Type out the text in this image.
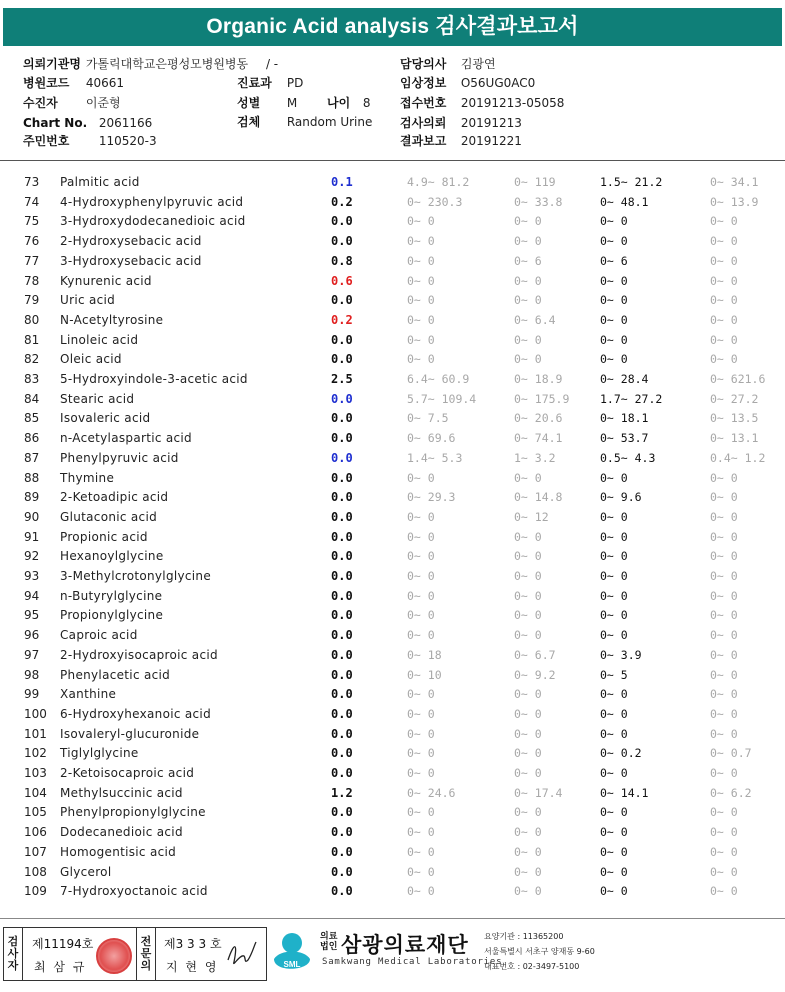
Organic Acid analysis 검사결과보고서
의뢰기관명 가톨릭대학교은평성모병원병동 / -
병원코드 40661	진료과 PD
수진자 이준형	성별 M 나이 8
Chart No. 2061166	검체 Random Urine
주민번호 110520-3
담당의사 김광연
임상정보 O56UG0AC0
접수번호 20191213-05058
검사의뢰 20191213
결과보고 20191221
73	Palmitic acid	0.1	4.9~ 81.2	0~ 119	1.5~ 21.2	0~ 34.1
74	4-Hydroxyphenylpyruvic acid	0.2	0~ 230.3	0~ 33.8	0~ 48.1	0~ 13.9
75	3-Hydroxydodecanedioic acid	0.0	0~ 0	0~ 0	0~ 0	0~ 0
76	2-Hydroxysebacic acid	0.0	0~ 0	0~ 0	0~ 0	0~ 0
77	3-Hydroxysebacic acid	0.8	0~ 0	0~ 6	0~ 6	0~ 0
78	Kynurenic acid	0.6	0~ 0	0~ 0	0~ 0	0~ 0
79	Uric acid	0.0	0~ 0	0~ 0	0~ 0	0~ 0
80	N-Acetyltyrosine	0.2	0~ 0	0~ 6.4	0~ 0	0~ 0
81	Linoleic acid	0.0	0~ 0	0~ 0	0~ 0	0~ 0
82	Oleic acid	0.0	0~ 0	0~ 0	0~ 0	0~ 0
83	5-Hydroxyindole-3-acetic acid	2.5	6.4~ 60.9	0~ 18.9	0~ 28.4	0~ 621.6
84	Stearic acid	0.0	5.7~ 109.4	0~ 175.9	1.7~ 27.2	0~ 27.2
85	Isovaleric acid	0.0	0~ 7.5	0~ 20.6	0~ 18.1	0~ 13.5
86	n-Acetylaspartic acid	0.0	0~ 69.6	0~ 74.1	0~ 53.7	0~ 13.1
87	Phenylpyruvic acid	0.0	1.4~ 5.3	1~ 3.2	0.5~ 4.3	0.4~ 1.2
88	Thymine	0.0	0~ 0	0~ 0	0~ 0	0~ 0
89	2-Ketoadipic acid	0.0	0~ 29.3	0~ 14.8	0~ 9.6	0~ 0
90	Glutaconic acid	0.0	0~ 0	0~ 12	0~ 0	0~ 0
91	Propionic acid	0.0	0~ 0	0~ 0	0~ 0	0~ 0
92	Hexanoylglycine	0.0	0~ 0	0~ 0	0~ 0	0~ 0
93	3-Methylcrotonylglycine	0.0	0~ 0	0~ 0	0~ 0	0~ 0
94	n-Butyrylglycine	0.0	0~ 0	0~ 0	0~ 0	0~ 0
95	Propionylglycine	0.0	0~ 0	0~ 0	0~ 0	0~ 0
96	Caproic acid	0.0	0~ 0	0~ 0	0~ 0	0~ 0
97	2-Hydroxyisocaproic acid	0.0	0~ 18	0~ 6.7	0~ 3.9	0~ 0
98	Phenylacetic acid	0.0	0~ 10	0~ 9.2	0~ 5	0~ 0
99	Xanthine	0.0	0~ 0	0~ 0	0~ 0	0~ 0
100	6-Hydroxyhexanoic acid	0.0	0~ 0	0~ 0	0~ 0	0~ 0
101	Isovaleryl-glucuronide	0.0	0~ 0	0~ 0	0~ 0	0~ 0
102	Tiglylglycine	0.0	0~ 0	0~ 0	0~ 0.2	0~ 0.7
103	2-Ketoisocaproic acid	0.0	0~ 0	0~ 0	0~ 0	0~ 0
104	Methylsuccinic acid	1.2	0~ 24.6	0~ 17.4	0~ 14.1	0~ 6.2
105	Phenylpropionylglycine	0.0	0~ 0	0~ 0	0~ 0	0~ 0
106	Dodecanedioic acid	0.0	0~ 0	0~ 0	0~ 0	0~ 0
107	Homogentisic acid	0.0	0~ 0	0~ 0	0~ 0	0~ 0
108	Glycerol	0.0	0~ 0	0~ 0	0~ 0	0~ 0
109	7-Hydroxyoctanoic acid	0.0	0~ 0	0~ 0	0~ 0	0~ 0
검
사
자
제11194호
최 삼 규
전
문
의
제3 3 3 호
지 현 영	SML
의료
법인 삼광의료재단
Samkwang Medical Laboratories
요양기관 : 11365200
서울특별시 서초구 양재동 9-60
대표번호 : 02-3497-5100
